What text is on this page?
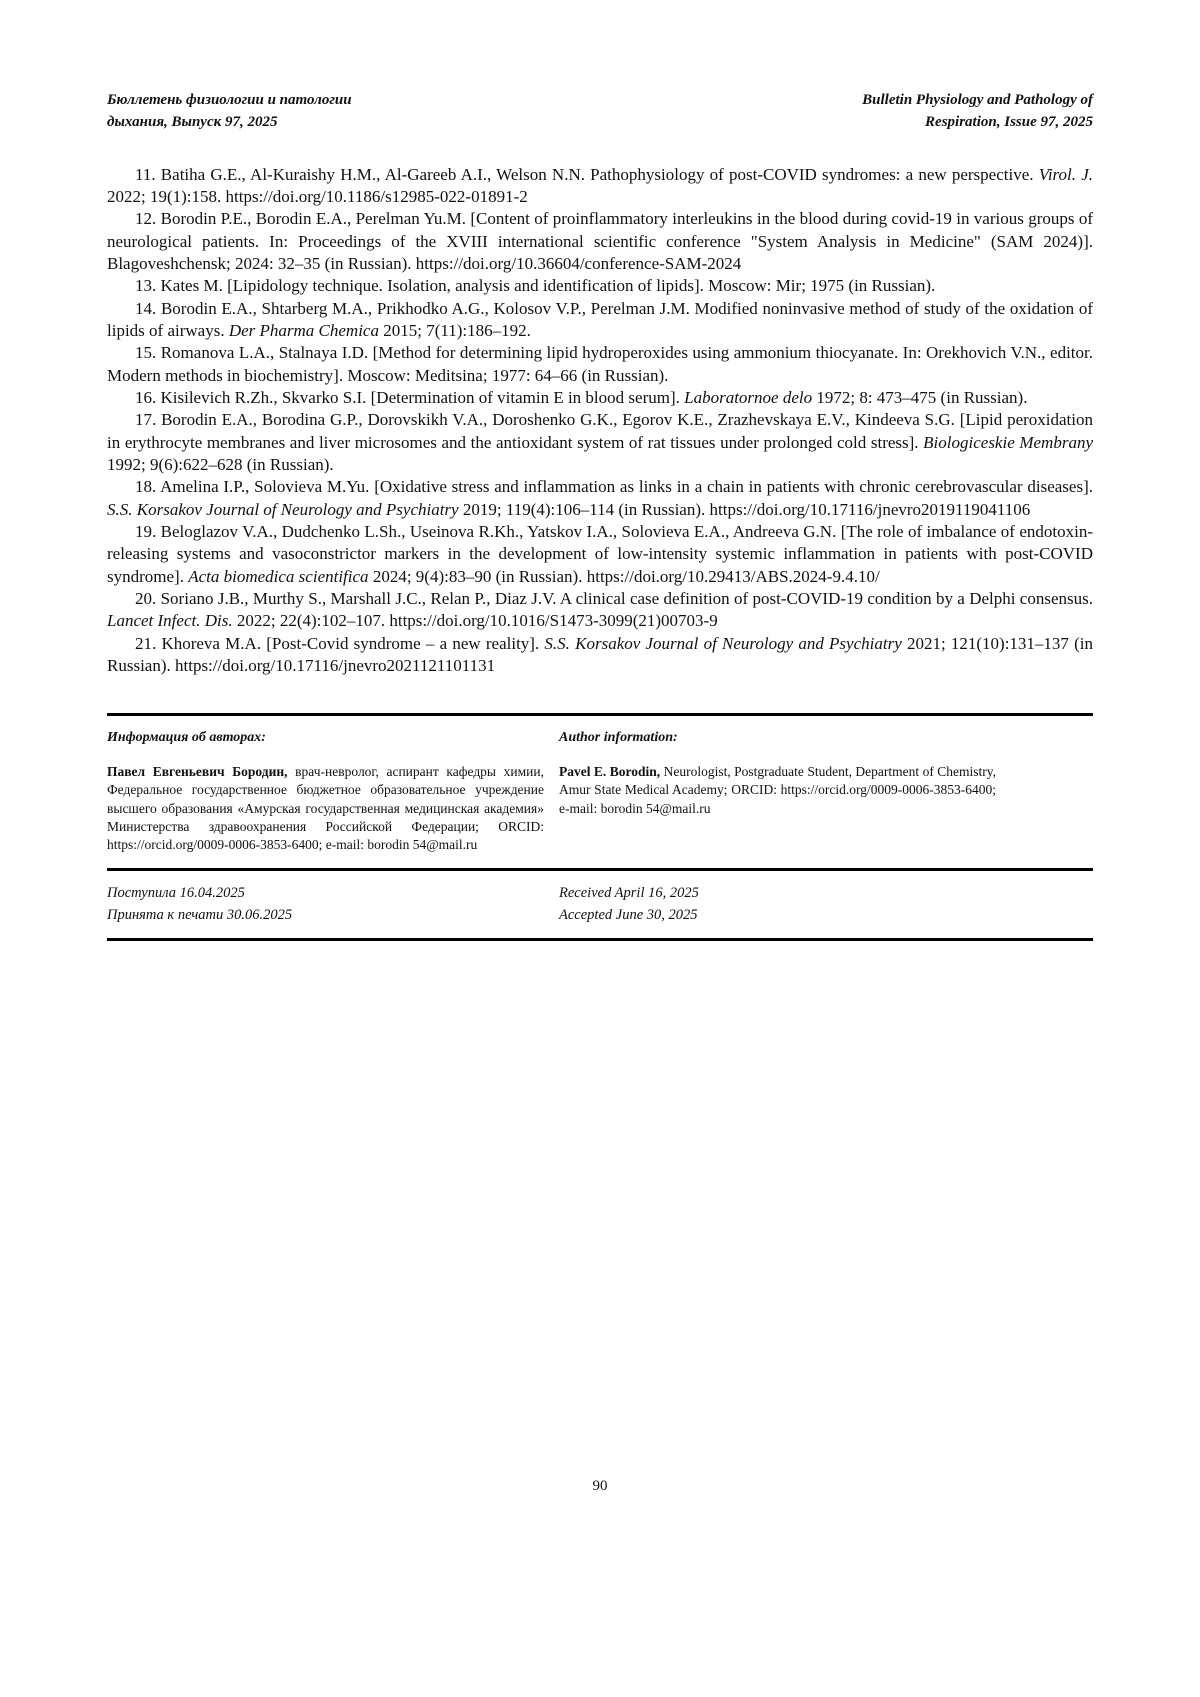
Бюллетень физиологии и патологии
дыхания, Выпуск 97, 2025
Bulletin Physiology and Pathology of
Respiration, Issue 97, 2025

11. Batiha G.E., Al-Kuraishy H.M., Al-Gareeb A.I., Welson N.N. Pathophysiology of post-COVID syndromes: a new perspective. Virol. J. 2022; 19(1):158. https://doi.org/10.1186/s12985-022-01891-2

12. Borodin P.E., Borodin E.A., Perelman Yu.M. [Content of proinflammatory interleukins in the blood during covid-19 in various groups of neurological patients. In: Proceedings of the XVIII international scientific conference "System Analysis in Medicine" (SAM 2024)]. Blagoveshchensk; 2024: 32–35 (in Russian). https://doi.org/10.36604/conference-SAM-2024

13. Kates M. [Lipidology technique. Isolation, analysis and identification of lipids]. Moscow: Mir; 1975 (in Russian).

14. Borodin E.A., Shtarberg M.A., Prikhodko A.G., Kolosov V.P., Perelman J.M. Modified noninvasive method of study of the oxidation of lipids of airways. Der Pharma Chemica 2015; 7(11):186–192.

15. Romanova L.A., Stalnaya I.D. [Method for determining lipid hydroperoxides using ammonium thiocyanate. In: Orekhovich V.N., editor. Modern methods in biochemistry]. Moscow: Meditsina; 1977: 64–66 (in Russian).

16. Kisilevich R.Zh., Skvarko S.I. [Determination of vitamin E in blood serum]. Laboratornoe delo 1972; 8: 473–475 (in Russian).

17. Borodin E.A., Borodina G.P., Dorovskikh V.A., Doroshenko G.K., Egorov K.E., Zrazhevskaya E.V., Kindeeva S.G. [Lipid peroxidation in erythrocyte membranes and liver microsomes and the antioxidant system of rat tissues under prolonged cold stress]. Biologiceskie Membrany 1992; 9(6):622–628 (in Russian).

18. Amelina I.P., Solovieva M.Yu. [Oxidative stress and inflammation as links in a chain in patients with chronic cerebrovascular diseases]. S.S. Korsakov Journal of Neurology and Psychiatry 2019; 119(4):106–114 (in Russian). https://doi.org/10.17116/jnevro2019119041106

19. Beloglazov V.A., Dudchenko L.Sh., Useinova R.Kh., Yatskov I.A., Solovieva E.A., Andreeva G.N. [The role of imbalance of endotoxin-releasing systems and vasoconstrictor markers in the development of low-intensity systemic inflammation in patients with post-COVID syndrome]. Acta biomedica scientifica 2024; 9(4):83–90 (in Russian). https://doi.org/10.29413/ABS.2024-9.4.10/

20. Soriano J.B., Murthy S., Marshall J.C., Relan P., Diaz J.V. A clinical case definition of post-COVID-19 condition by a Delphi consensus. Lancet Infect. Dis. 2022; 22(4):102–107. https://doi.org/10.1016/S1473-3099(21)00703-9

21. Khoreva M.A. [Post-Covid syndrome – a new reality]. S.S. Korsakov Journal of Neurology and Psychiatry 2021; 121(10):131–137 (in Russian). https://doi.org/10.17116/jnevro2021121101131

Информация об авторах:	Author information:

Павел Евгеньевич Бородин, врач-невролог, аспирант кафедры химии, Федеральное государственное бюджетное образовательное учреждение высшего образования «Амурская государственная медицинская академия» Министерства здравоохранения Российской Федерации; ORCID: https://orcid.org/0009-0006-3853-6400; e-mail: borodin 54@mail.ru

Pavel E. Borodin, Neurologist, Postgraduate Student, Department of Chemistry, Amur State Medical Academy; ORCID: https://orcid.org/0009-0006-3853-6400; e-mail: borodin 54@mail.ru

Поступила 16.04.2025
Принята к печати 30.06.2025
Received April 16, 2025
Accepted June 30, 2025
90
